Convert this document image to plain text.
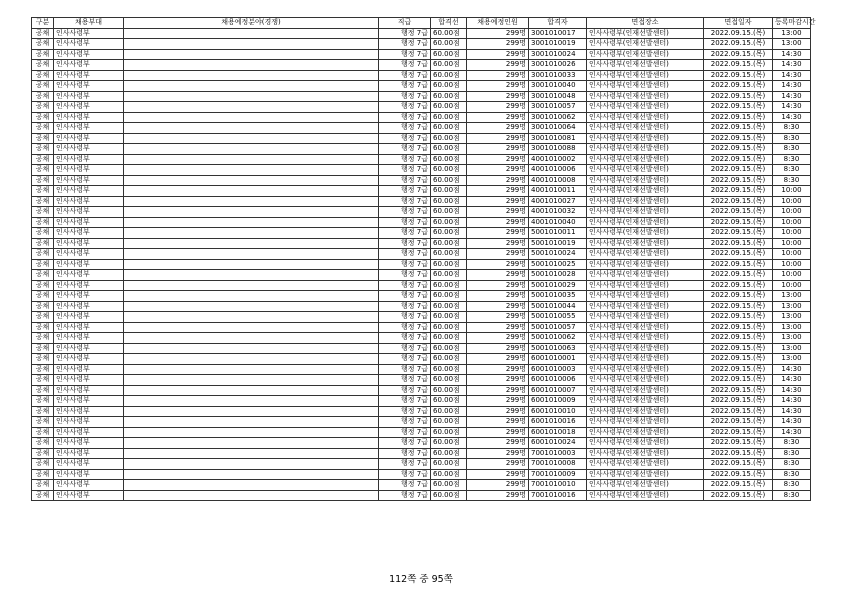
구분	채용부대	채용예정분야(경쟁)	직급	합격선	채용예정인원	합격자	면접장소	면접일자	등록마감시간
공채	인사사령부		행정 7급	60.00점	299명	3001010017	인사사령부(인재선발센터)	2022.09.15.(목)	13:00
공채	인사사령부		행정 7급	60.00점	299명	3001010019	인사사령부(인재선발센터)	2022.09.15.(목)	13:00
공채	인사사령부		행정 7급	60.00점	299명	3001010024	인사사령부(인재선발센터)	2022.09.15.(목)	14:30
공채	인사사령부		행정 7급	60.00점	299명	3001010026	인사사령부(인재선발센터)	2022.09.15.(목)	14:30
공채	인사사령부		행정 7급	60.00점	299명	3001010033	인사사령부(인재선발센터)	2022.09.15.(목)	14:30
공채	인사사령부		행정 7급	60.00점	299명	3001010040	인사사령부(인재선발센터)	2022.09.15.(목)	14:30
공채	인사사령부		행정 7급	60.00점	299명	3001010048	인사사령부(인재선발센터)	2022.09.15.(목)	14:30
공채	인사사령부		행정 7급	60.00점	299명	3001010057	인사사령부(인재선발센터)	2022.09.15.(목)	14:30
공채	인사사령부		행정 7급	60.00점	299명	3001010062	인사사령부(인재선발센터)	2022.09.15.(목)	14:30
공채	인사사령부		행정 7급	60.00점	299명	3001010064	인사사령부(인재선발센터)	2022.09.15.(목)	8:30
공채	인사사령부		행정 7급	60.00점	299명	3001010081	인사사령부(인재선발센터)	2022.09.15.(목)	8:30
공채	인사사령부		행정 7급	60.00점	299명	3001010088	인사사령부(인재선발센터)	2022.09.15.(목)	8:30
공채	인사사령부		행정 7급	60.00점	299명	4001010002	인사사령부(인재선발센터)	2022.09.15.(목)	8:30
공채	인사사령부		행정 7급	60.00점	299명	4001010006	인사사령부(인재선발센터)	2022.09.15.(목)	8:30
공채	인사사령부		행정 7급	60.00점	299명	4001010008	인사사령부(인재선발센터)	2022.09.15.(목)	8:30
공채	인사사령부		행정 7급	60.00점	299명	4001010011	인사사령부(인재선발센터)	2022.09.15.(목)	10:00
공채	인사사령부		행정 7급	60.00점	299명	4001010027	인사사령부(인재선발센터)	2022.09.15.(목)	10:00
공채	인사사령부		행정 7급	60.00점	299명	4001010032	인사사령부(인재선발센터)	2022.09.15.(목)	10:00
공채	인사사령부		행정 7급	60.00점	299명	4001010040	인사사령부(인재선발센터)	2022.09.15.(목)	10:00
공채	인사사령부		행정 7급	60.00점	299명	5001010011	인사사령부(인재선발센터)	2022.09.15.(목)	10:00
공채	인사사령부		행정 7급	60.00점	299명	5001010019	인사사령부(인재선발센터)	2022.09.15.(목)	10:00
공채	인사사령부		행정 7급	60.00점	299명	5001010024	인사사령부(인재선발센터)	2022.09.15.(목)	10:00
공채	인사사령부		행정 7급	60.00점	299명	5001010025	인사사령부(인재선발센터)	2022.09.15.(목)	10:00
공채	인사사령부		행정 7급	60.00점	299명	5001010028	인사사령부(인재선발센터)	2022.09.15.(목)	10:00
공채	인사사령부		행정 7급	60.00점	299명	5001010029	인사사령부(인재선발센터)	2022.09.15.(목)	10:00
공채	인사사령부		행정 7급	60.00점	299명	5001010035	인사사령부(인재선발센터)	2022.09.15.(목)	13:00
공채	인사사령부		행정 7급	60.00점	299명	5001010044	인사사령부(인재선발센터)	2022.09.15.(목)	13:00
공채	인사사령부		행정 7급	60.00점	299명	5001010055	인사사령부(인재선발센터)	2022.09.15.(목)	13:00
공채	인사사령부		행정 7급	60.00점	299명	5001010057	인사사령부(인재선발센터)	2022.09.15.(목)	13:00
공채	인사사령부		행정 7급	60.00점	299명	5001010062	인사사령부(인재선발센터)	2022.09.15.(목)	13:00
공채	인사사령부		행정 7급	60.00점	299명	5001010063	인사사령부(인재선발센터)	2022.09.15.(목)	13:00
공채	인사사령부		행정 7급	60.00점	299명	6001010001	인사사령부(인재선발센터)	2022.09.15.(목)	13:00
공채	인사사령부		행정 7급	60.00점	299명	6001010003	인사사령부(인재선발센터)	2022.09.15.(목)	14:30
공채	인사사령부		행정 7급	60.00점	299명	6001010006	인사사령부(인재선발센터)	2022.09.15.(목)	14:30
공채	인사사령부		행정 7급	60.00점	299명	6001010007	인사사령부(인재선발센터)	2022.09.15.(목)	14:30
공채	인사사령부		행정 7급	60.00점	299명	6001010009	인사사령부(인재선발센터)	2022.09.15.(목)	14:30
공채	인사사령부		행정 7급	60.00점	299명	6001010010	인사사령부(인재선발센터)	2022.09.15.(목)	14:30
공채	인사사령부		행정 7급	60.00점	299명	6001010016	인사사령부(인재선발센터)	2022.09.15.(목)	14:30
공채	인사사령부		행정 7급	60.00점	299명	6001010018	인사사령부(인재선발센터)	2022.09.15.(목)	14:30
공채	인사사령부		행정 7급	60.00점	299명	6001010024	인사사령부(인재선발센터)	2022.09.15.(목)	8:30
공채	인사사령부		행정 7급	60.00점	299명	7001010003	인사사령부(인재선발센터)	2022.09.15.(목)	8:30
공채	인사사령부		행정 7급	60.00점	299명	7001010008	인사사령부(인재선발센터)	2022.09.15.(목)	8:30
공채	인사사령부		행정 7급	60.00점	299명	7001010009	인사사령부(인재선발센터)	2022.09.15.(목)	8:30
공채	인사사령부		행정 7급	60.00점	299명	7001010010	인사사령부(인재선발센터)	2022.09.15.(목)	8:30
공채	인사사령부		행정 7급	60.00점	299명	7001010016	인사사령부(인재선발센터)	2022.09.15.(목)	8:30
112쪽 중 95쪽
